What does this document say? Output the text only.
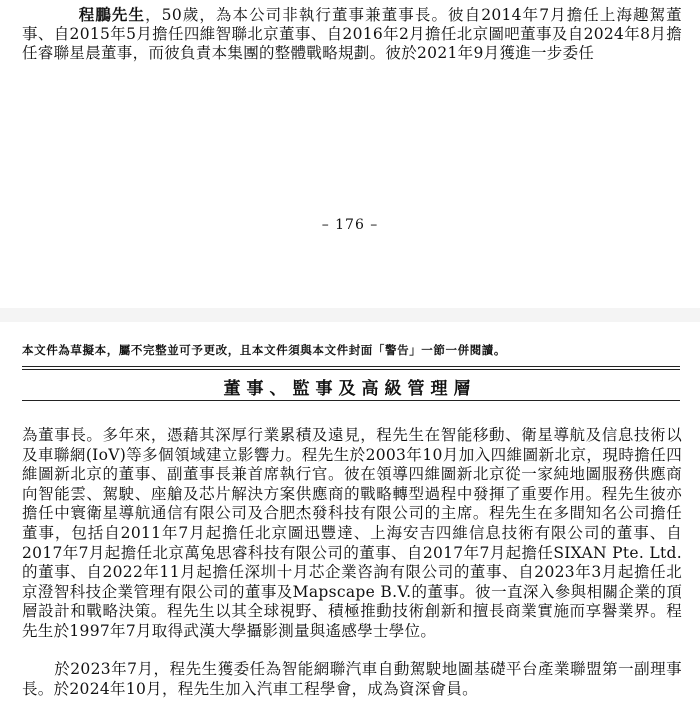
程鵬先生，50歲，為本公司非執行董事兼董事長。彼自2014年7月擔任上海趣駕董事、自2015年5月擔任四維智聯北京董事、自2016年2月擔任北京圖吧董事及自2024年8月擔任睿聯星晨董事，而彼負責本集團的整體戰略規劃。彼於2021年9月獲進一步委任

– 176 –
本文件為草擬本，屬不完整並可予更改，且本文件須與本文件封面「警告」一節一併閱讀。
董事、監事及高級管理層

為董事長。多年來，憑藉其深厚行業累積及遠見，程先生在智能移動、衛星導航及信息技術以及車聯網(IoV)等多個領域建立影響力。程先生於2003年10月加入四維圖新北京，現時擔任四維圖新北京的董事、副董事長兼首席執行官。彼在領導四維圖新北京從一家純地圖服務供應商向智能雲、駕駛、座艙及芯片解決方案供應商的戰略轉型過程中發揮了重要作用。程先生彼亦擔任中寰衛星導航通信有限公司及合肥杰發科技有限公司的主席。程先生在多間知名公司擔任董事，包括自2011年7月起擔任北京圖迅豐達、上海安吉四維信息技術有限公司的董事、自2017年7月起擔任北京萬兔思睿科技有限公司的董事、自2017年7月起擔任SIXAN Pte. Ltd.的董事、自2022年11月起擔任深圳十月芯企業咨詢有限公司的董事、自2023年3月起擔任北京澄智科技企業管理有限公司的董事及Mapscape B.V.的董事。彼一直深入參與相關企業的頂層設計和戰略決策。程先生以其全球視野、積極推動技術創新和擅長商業實施而享譽業界。程先生於1997年7月取得武漢大學攝影測量與遙感學士學位。

於2023年7月，程先生獲委任為智能網聯汽車自動駕駛地圖基礎平台產業聯盟第一副理事長。於2024年10月，程先生加入汽車工程學會，成為資深會員。
